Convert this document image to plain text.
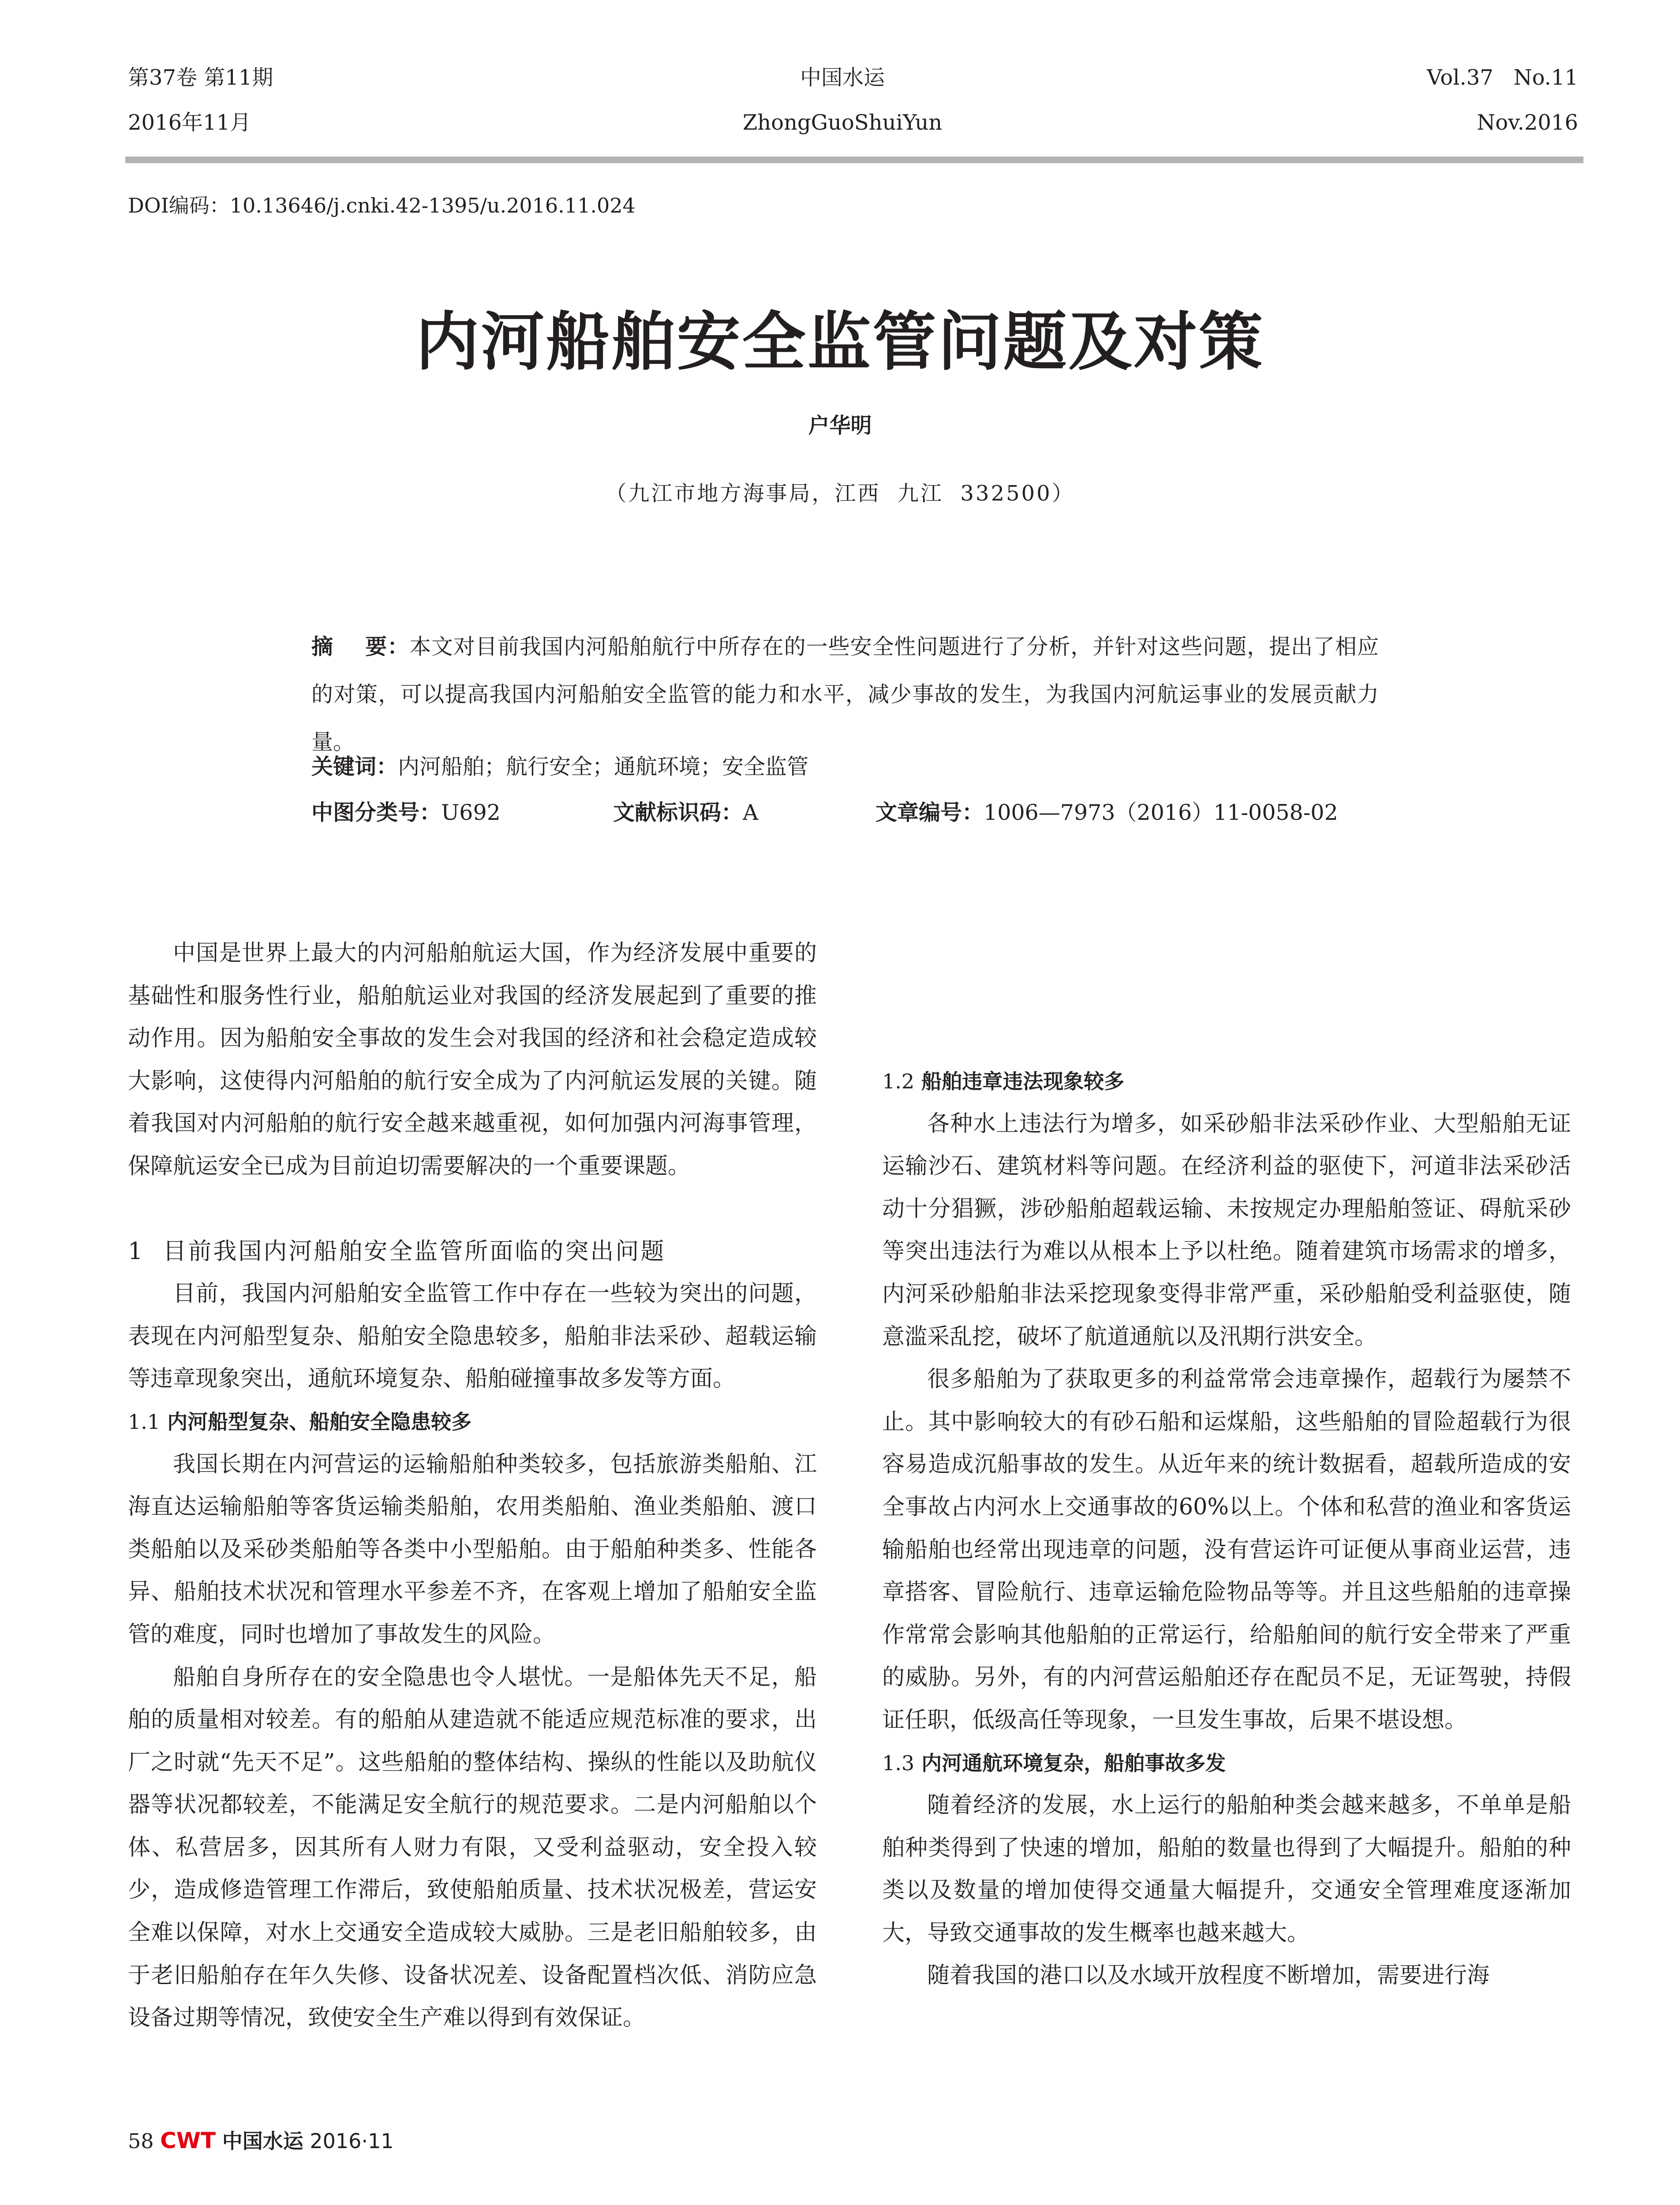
第37卷 第11期
2016年11月
中国水运
ZhongGuoShuiYun
Vol.37   No.11
Nov.2016
DOI编码：10.13646/j.cnki.42-1395/u.2016.11.024
内河船舶安全监管问题及对策
户华明
（九江市地方海事局，江西  九江  332500）

摘    要：本文对目前我国内河船舶航行中所存在的一些安全性问题进行了分析，并针对这些问题，提出了相应的对策，可以提高我国内河船舶安全监管的能力和水平，减少事故的发生，为我国内河航运事业的发展贡献力量。

关键词：内河船舶；航行安全；通航环境；安全监管
中图分类号：U692	文献标识码：A	文章编号：1006—7973（2016）11-0058-02

中国是世界上最大的内河船舶航运大国，作为经济发展中重要的基础性和服务性行业，船舶航运业对我国的经济发展起到了重要的推动作用。因为船舶安全事故的发生会对我国的经济和社会稳定造成较大影响，这使得内河船舶的航行安全成为了内河航运发展的关键。随着我国对内河船舶的航行安全越来越重视，如何加强内河海事管理，保障航运安全已成为目前迫切需要解决的一个重要课题。

1  目前我国内河船舶安全监管所面临的突出问题

目前，我国内河船舶安全监管工作中存在一些较为突出的问题，表现在内河船型复杂、船舶安全隐患较多，船舶非法采砂、超载运输等违章现象突出，通航环境复杂、船舶碰撞事故多发等方面。

1.1 内河船型复杂、船舶安全隐患较多

我国长期在内河营运的运输船舶种类较多，包括旅游类船舶、江海直达运输船舶等客货运输类船舶，农用类船舶、渔业类船舶、渡口类船舶以及采砂类船舶等各类中小型船舶。由于船舶种类多、性能各异、船舶技术状况和管理水平参差不齐，在客观上增加了船舶安全监管的难度，同时也增加了事故发生的风险。

船舶自身所存在的安全隐患也令人堪忧。一是船体先天不足，船舶的质量相对较差。有的船舶从建造就不能适应规范标准的要求，出厂之时就“先天不足”。这些船舶的整体结构、操纵的性能以及助航仪器等状况都较差，不能满足安全航行的规范要求。二是内河船舶以个体、私营居多，因其所有人财力有限，又受利益驱动，安全投入较少，造成修造管理工作滞后，致使船舶质量、技术状况极差，营运安全难以保障，对水上交通安全造成较大威胁。三是老旧船舶较多，由于老旧船舶存在年久失修、设备状况差、设备配置档次低、消防应急设备过期等情况，致使安全生产难以得到有效保证。

1.2 船舶违章违法现象较多

各种水上违法行为增多，如采砂船非法采砂作业、大型船舶无证运输沙石、建筑材料等问题。在经济利益的驱使下，河道非法采砂活动十分猖獗，涉砂船舶超载运输、未按规定办理船舶签证、碍航采砂等突出违法行为难以从根本上予以杜绝。随着建筑市场需求的增多，内河采砂船舶非法采挖现象变得非常严重，采砂船舶受利益驱使，随意滥采乱挖，破坏了航道通航以及汛期行洪安全。

很多船舶为了获取更多的利益常常会违章操作，超载行为屡禁不止。其中影响较大的有砂石船和运煤船，这些船舶的冒险超载行为很容易造成沉船事故的发生。从近年来的统计数据看，超载所造成的安全事故占内河水上交通事故的60%以上。个体和私营的渔业和客货运输船舶也经常出现违章的问题，没有营运许可证便从事商业运营，违章搭客、冒险航行、违章运输危险物品等等。并且这些船舶的违章操作常常会影响其他船舶的正常运行，给船舶间的航行安全带来了严重的威胁。另外，有的内河营运船舶还存在配员不足，无证驾驶，持假证任职，低级高任等现象，一旦发生事故，后果不堪设想。

1.3 内河通航环境复杂，船舶事故多发

随着经济的发展，水上运行的船舶种类会越来越多，不单单是船舶种类得到了快速的增加，船舶的数量也得到了大幅提升。船舶的种类以及数量的增加使得交通量大幅提升，交通安全管理难度逐渐加大，导致交通事故的发生概率也越来越大。

随着我国的港口以及水域开放程度不断增加，需要进行海

58 CWT 中国水运 2016·11
